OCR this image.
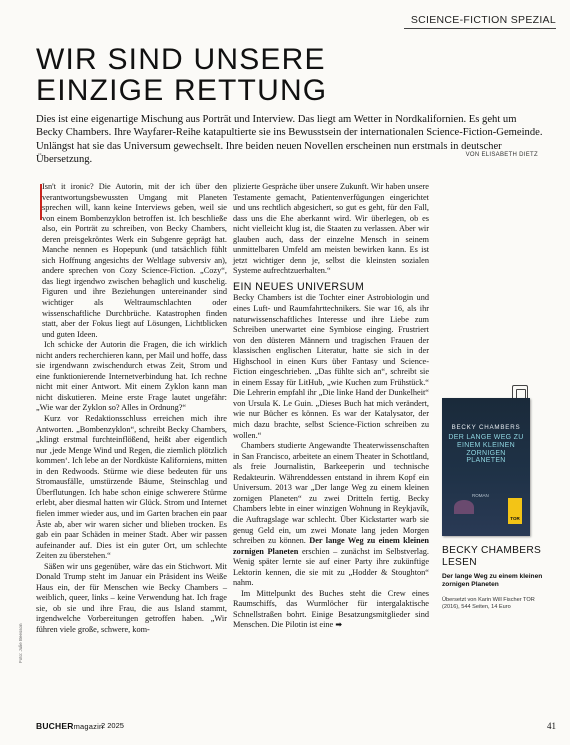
SCIENCE-FICTION SPEZIAL
WIR SIND UNSERE
EINZIGE RETTUNG

Dies ist eine eigenartige Mischung aus Porträt und Interview. Das liegt am Wetter in Nordkalifornien. Es geht um Becky Chambers. Ihre Wayfarer-Reihe katapultierte sie ins Bewusstsein der internationalen Science-Fiction-Gemeinde. Unlängst hat sie das Universum gewechselt. Ihre beiden neuen Novellen erscheinen nun erstmals in deutscher Übersetzung.	VON ELISABETH DIETZ

I sn't it ironic? Die Autorin, mit der ich über den verantwortungsbewussten Umgang mit Planeten sprechen will, kann keine Interviews geben, weil sie von einem Bombenzyklon betroffen ist. Ich beschließe also, ein Porträt zu schreiben, von Becky Chambers, deren preisgekröntes Werk ein Subgenre geprägt hat. Manche nennen es Hopepunk (und tatsächlich fühlt sich Hoffnung angesichts der Weltlage subversiv an), andere sprechen von Cozy Science-Fiction. „Cozy“, das liegt irgendwo zwischen behaglich und kuschelig. Figuren und ihre Beziehungen untereinander sind wichtiger als Weltraumschlachten oder wissenschaftliche Durchbrüche. Katastrophen finden statt, aber der Fokus liegt auf Lösungen, Lichtblicken und guten Ideen.

Ich schicke der Autorin die Fragen, die ich wirklich nicht anders recherchieren kann, per Mail und hoffe, dass sie irgendwann zwischendurch etwas Zeit, Strom und eine funktionierende Internetverbindung hat. Ich rechne nicht mit einer Antwort. Mit einem Zyklon kann man nicht diskutieren. Meine erste Frage lautet ungefähr: „Wie war der Zyklon so? Alles in Ordnung?“

Kurz vor Redaktionsschluss erreichen mich ihre Antworten. „Bombenzyklon“, schreibt Becky Chambers, „klingt erstmal furchteinflößend, heißt aber eigentlich nur ‚jede Menge Wind und Regen, die ziemlich plötzlich kommen‘. Ich lebe an der Nordküste Kaliforniens, mitten in den Redwoods. Stürme wie diese bedeuten für uns Stromausfälle, umstürzende Bäume, Steinschlag und Überflutungen. Ich habe schon einige schwerere Stürme erlebt, aber diesmal hatten wir Glück. Strom und Internet fielen immer wieder aus, und im Garten brachen ein paar Äste ab, aber wir waren sicher und blieben trocken. Es gab ein paar Schäden in meiner Stadt. Aber wir passen aufeinander auf. Dies ist ein guter Ort, um schlechte Zeiten zu überstehen.“

Säßen wir uns gegenüber, wäre das ein Stichwort. Mit Donald Trump steht im Januar ein Präsident ins Weiße Haus ein, der für Menschen wie Becky Chambers – weiblich, queer, links – keine Verwendung hat. Ich frage sie, ob sie und ihre Frau, die aus Island stammt, irgendwelche Vorbereitungen getroffen haben. „Wir führen viele große, schwere, kom-

plizierte Gespräche über unsere Zukunft. Wir haben unsere Testamente gemacht, Patientenverfügungen eingerichtet und uns rechtlich abgesichert, so gut es geht, für den Fall, dass uns die Ehe aberkannt wird. Wir überlegen, ob es nicht vielleicht klug ist, die Staaten zu verlassen. Aber wir glauben auch, dass der einzelne Mensch in seinem unmittelbaren Umfeld am meisten bewirken kann. Es ist jetzt wichtiger denn je, selbst die kleinsten sozialen Systeme aufrechtzuerhalten.“

EIN NEUES UNIVERSUM

Becky Chambers ist die Tochter einer Astrobiologin und eines Luft- und Raumfahrttechnikers. Sie war 16, als ihr naturwissenschaftliches Interesse und ihre Liebe zum Schreiben unerwartet eine Symbiose einging. Frustriert von den düsteren Männern und tragischen Frauen der klassischen englischen Literatur, hatte sie sich in der Highschool in einen Kurs über Fantasy und Science-Fiction eingeschrieben. „Das fühlte sich an“, schreibt sie in einem Essay für LitHub, „wie Kuchen zum Frühstück.“ Die Lehrerin empfahl ihr „Die linke Hand der Dunkelheit“ von Ursula K. Le Guin. „Dieses Buch hat mich verändert, wie nur Bücher es können. Es war der Katalysator, der mich dazu brachte, selbst Science-Fiction schreiben zu wollen.“

Chambers studierte Angewandte Theaterwissenschaften in San Francisco, arbeitete an einem Theater in Schottland, als freie Journalistin, Barkeeperin und technische Redakteurin. Währenddessen entstand in ihrem Kopf ein Universum. 2013 war „Der lange Weg zu einem kleinen zornigen Planeten“ zu zwei Dritteln fertig. Becky Chambers lebte in einer winzigen Wohnung in Reykjavík, die Auftragslage war schlecht. Über Kickstarter warb sie genug Geld ein, um zwei Monate lang jeden Morgen schreiben zu können. Der lange Weg zu einem kleinen zornigen Planeten erschien – zunächst im Selbstverlag. Wenig später lernte sie auf einer Party ihre zukünftige Lektorin kennen, die sie mit zu „Hodder & Stoughton“ nahm.

Im Mittelpunkt des Buches steht die Crew eines Raumschiffs, das Wurmlöcher für intergalaktische Schnellstraßen bohrt. Einige Besatzungsmitglieder sind Menschen. Die Pilotin ist eine ➡

BECKY CHAMBERS
DER LANGE WEG ZU EINEM KLEINEN ZORNIGEN PLANETEN
ROMAN
TOR
BECKY CHAMBERS LESEN
Der lange Weg zu einem kleinen zornigen Planeten
Übersetzt von Karin Will Fischer TOR (2016), 544 Seiten, 14 Euro
Foto: Julie Beesson
BUCHERmagazin
2 2025	41
